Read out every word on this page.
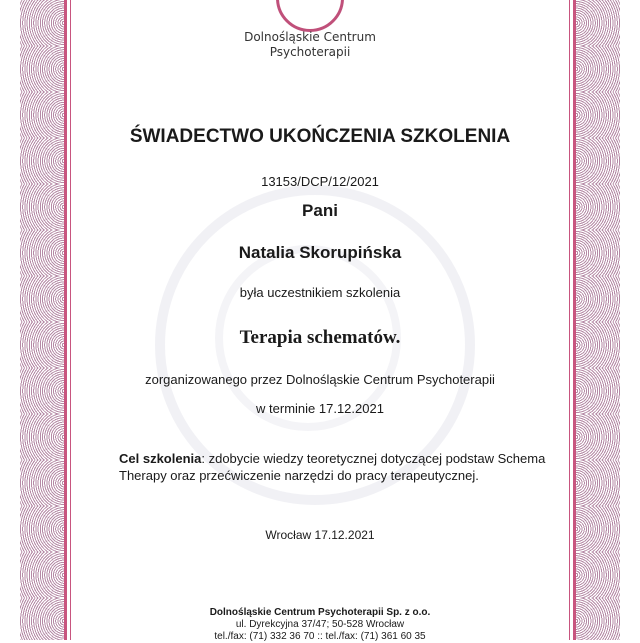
Dolnośląskie Centrum
Psychoterapii
ŚWIADECTWO UKOŃCZENIA SZKOLENIA
13153/DCP/12/2021
Pani
Natalia Skorupińska
była uczestnikiem szkolenia
Terapia schematów.
zorganizowanego przez Dolnośląskie Centrum Psychoterapii
w terminie 17.12.2021
Cel szkolenia: zdobycie wiedzy teoretycznej dotyczącej podstaw Schema
Therapy oraz przećwiczenie narzędzi do pracy terapeutycznej.
Wrocław 17.12.2021
Dolnośląskie Centrum Psychoterapii Sp. z o.o.
ul. Dyrekcyjna 37/47; 50-528 Wrocław
tel./fax: (71) 332 36 70 :: tel./fax: (71) 361 60 35
